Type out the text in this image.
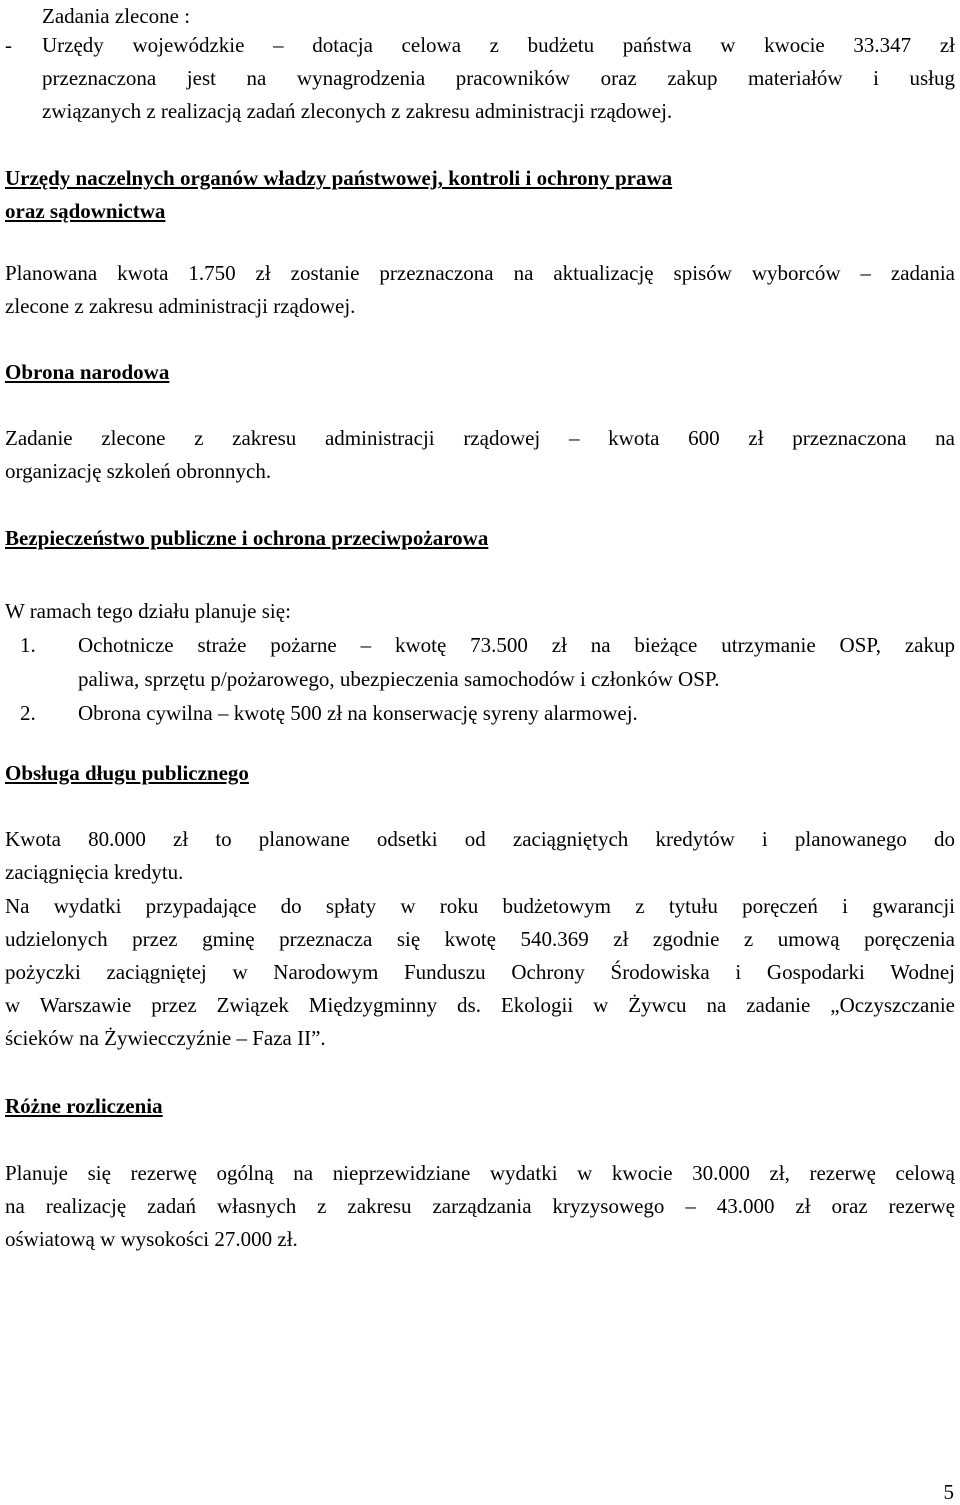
Zadania zlecone :
-	Urzędy wojewódzkie – dotacja celowa z budżetu państwa w kwocie 33.347 zł
przeznaczona jest na wynagrodzenia pracowników oraz zakup materiałów i usług
związanych z realizacją zadań zleconych z zakresu administracji rządowej.
Urzędy naczelnych organów władzy państwowej, kontroli i ochrony prawa
oraz sądownictwa
Planowana kwota 1.750 zł zostanie przeznaczona na aktualizację spisów wyborców – zadania
zlecone z zakresu administracji rządowej.
Obrona narodowa
Zadanie zlecone z zakresu administracji rządowej – kwota 600 zł przeznaczona na
organizację szkoleń obronnych.
Bezpieczeństwo publiczne i ochrona przeciwpożarowa
W ramach tego działu planuje się:
1.	Ochotnicze straże pożarne – kwotę 73.500 zł na bieżące utrzymanie OSP, zakup
paliwa, sprzętu p/pożarowego, ubezpieczenia samochodów i członków OSP.
2.	Obrona cywilna – kwotę 500 zł na konserwację syreny alarmowej.
Obsługa długu publicznego
Kwota 80.000 zł to planowane odsetki od zaciągniętych kredytów i planowanego do
zaciągnięcia kredytu.
Na wydatki przypadające do spłaty w roku budżetowym z tytułu poręczeń i gwarancji
udzielonych przez gminę przeznacza się kwotę 540.369 zł zgodnie z umową poręczenia
pożyczki zaciągniętej w Narodowym Funduszu Ochrony Środowiska i Gospodarki Wodnej
w Warszawie przez Związek Międzygminny ds. Ekologii w Żywcu na zadanie „Oczyszczanie
ścieków na Żywiecczyźnie – Faza II”.
Różne rozliczenia
Planuje się rezerwę ogólną na nieprzewidziane wydatki w kwocie 30.000 zł, rezerwę celową
na realizację zadań własnych z zakresu zarządzania kryzysowego – 43.000 zł oraz rezerwę
oświatową w wysokości 27.000 zł.
5
